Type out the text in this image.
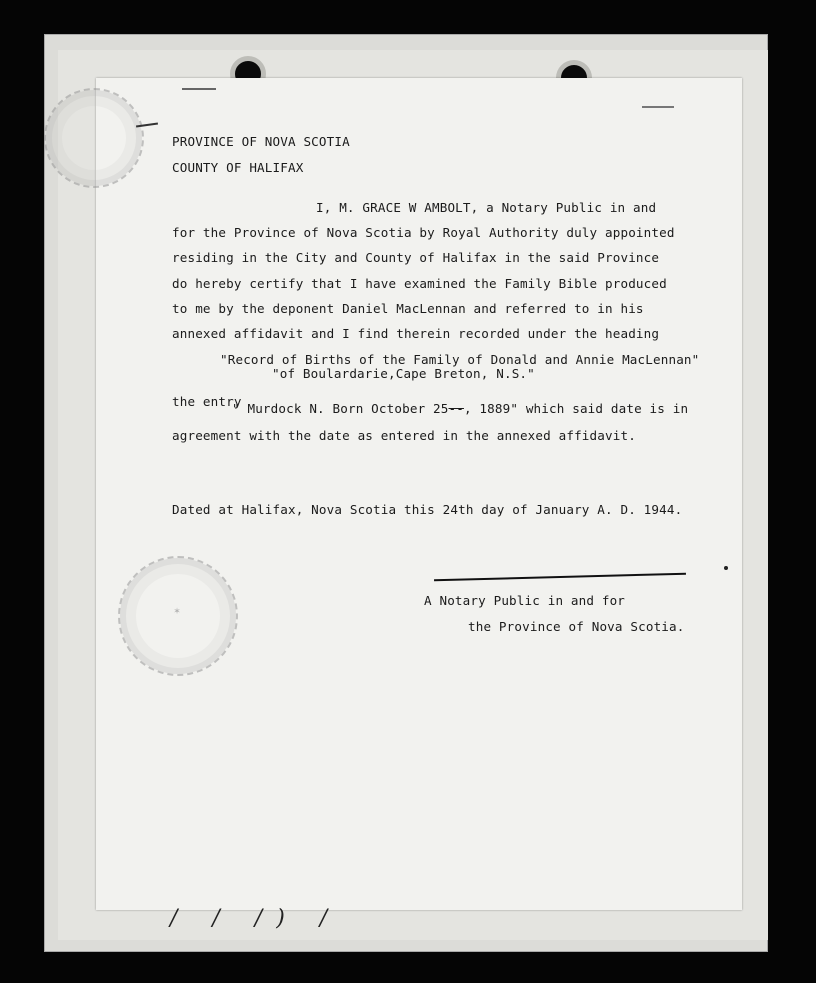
PROVINCE OF NOVA SCOTIA
COUNTY OF HALIFAX
I, M. GRACE W AMBOLT, a Notary Public in and
for the Province of Nova Scotia by Royal Authority duly appointed
residing in the City and County of Halifax in the said Province
do hereby certify that I have examined the Family Bible produced
to me by the deponent Daniel MacLennan and referred to in his
annexed affidavit and I find therein recorded under the heading
"Record of Births of the Family of Donald and Annie MacLennan"
"of Boulardarie,Cape Breton, N.S."
the entry
" Murdock N. Born October 25--, 1889" which said date is in
agreement with the date as entered in the annexed affidavit.
Dated at Halifax, Nova Scotia this 24th day of January A. D. 1944.
A Notary Public in and for
the Province of Nova Scotia.
✶
/ / /) /
